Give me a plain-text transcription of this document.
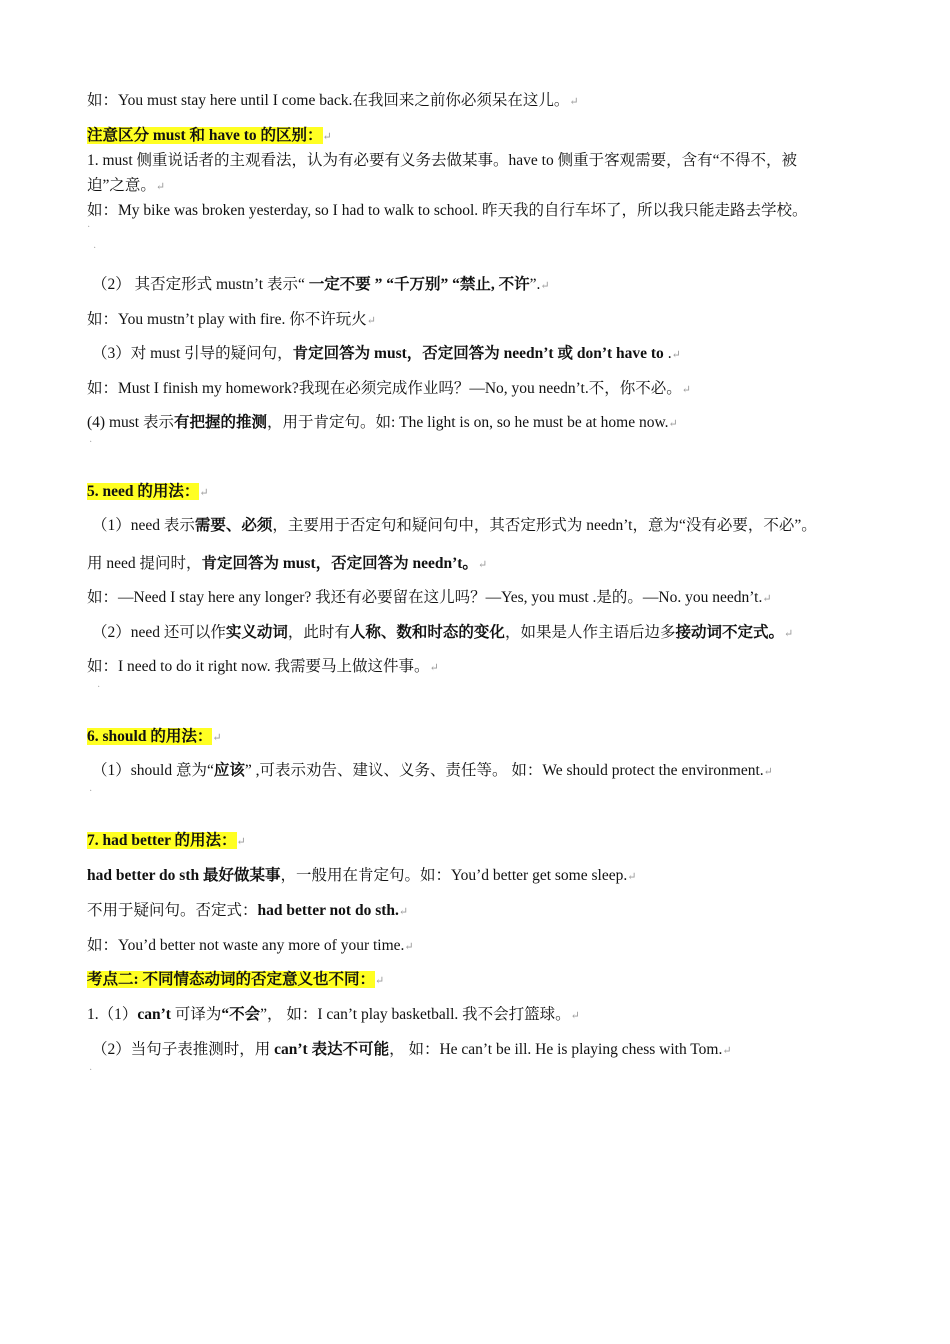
如：You must stay here until I come back.在我回来之前你必须呆在这儿。↵
注意区分 must 和 have to 的区别：↵
1. must 侧重说话者的主观看法，认为有必要有义务去做某事。have to 侧重于客观需要，含有“不得不，被
迫”之意。↵
如：My bike was broken yesterday, so I had to walk to school. 昨天我的自行车坏了，所以我只能走路去学校。
·
·
（2） 其否定形式 mustn’t 表示“ 一定不要 ” “千万别” “禁止, 不许”.↵
如：You mustn’t play with fire. 你不许玩火↵
（3）对 must 引导的疑问句，肯定回答为 must，否定回答为 needn’t 或 don’t have to .↵
如：Must I finish my homework?我现在必须完成作业吗？—No, you needn’t.不，你不必。↵
(4) must 表示有把握的推测，用于肯定句。如: The light is on, so he must be at home now.↵
·
5. need 的用法：↵
（1）need 表示需要、必须，主要用于否定句和疑问句中，其否定形式为 needn’t，意为“没有必要，不必”。
用 need 提问时，肯定回答为 must，否定回答为 needn’t。↵
如：—Need I stay here any longer? 我还有必要留在这儿吗？—Yes, you must .是的。—No. you needn’t.↵
（2）need 还可以作实义动词，此时有人称、数和时态的变化，如果是人作主语后边多接动词不定式。↵
如：I need to do it right now. 我需要马上做这件事。↵
·
6. should 的用法：↵
（1）should 意为“应该” ,可表示劝告、建议、义务、责任等。 如：We should protect the environment.↵
·
7. had better 的用法：↵
had better do sth 最好做某事，一般用在肯定句。如：You’d better get some sleep.↵
不用于疑问句。否定式：had better not do sth.↵
如：You’d better not waste any more of your time.↵
考点二: 不同情态动词的否定意义也不同：↵
1.（1）can’t 可译为“不会”， 如：I can’t play basketball. 我不会打篮球。↵
（2）当句子表推测时，用 can’t 表达不可能， 如：He can’t be ill. He is playing chess with Tom.↵
·
